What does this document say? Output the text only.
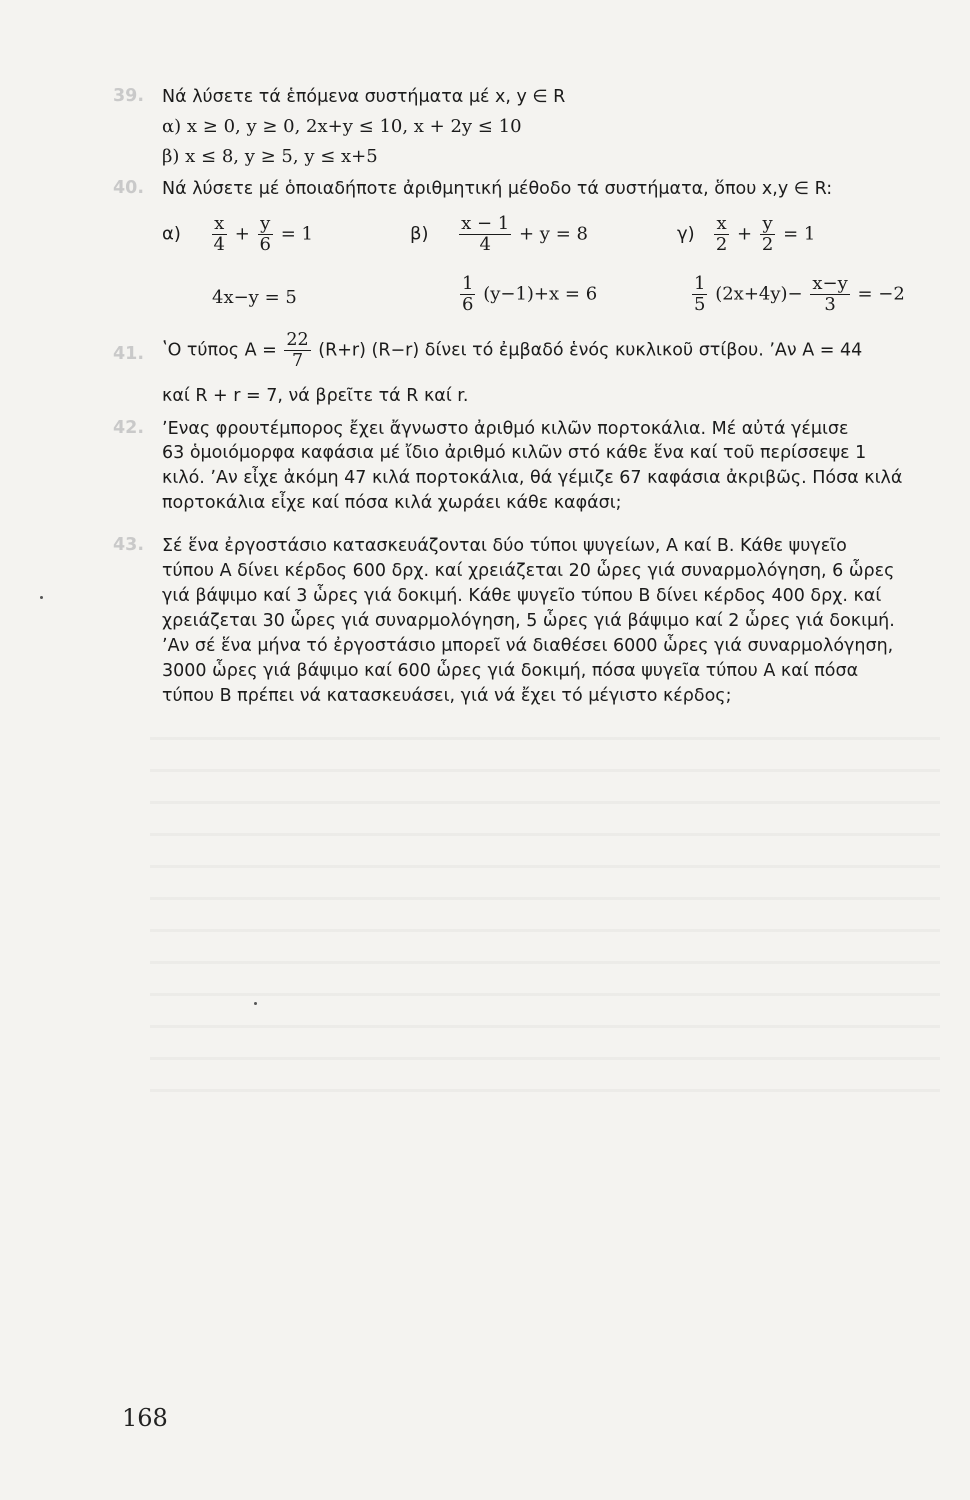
39. Νά λύσετε τά ἑπόμενα συστήματα μέ x, y ∈ R
α) x ≥ 0, y ≥ 0, 2x+y ≤ 10, x + 2y ≤ 10
β) x ≤ 8, y ≥ 5, y ≤ x+5
40. Νά λύσετε μέ ὁποιαδήποτε ἀριθμητική μέθοδο τά συστήματα, ὅπου x,y ∈ R:
$\alpha) \frac{x}{4} + \frac{y}{6} = 1$
4x−y = 5
$\beta) \frac{x - 1}{4} + y = 8$
$\frac{1}{6} (y-1)+x = 6$
$\gamma) \frac{x}{2} + \frac{y}{2} = 1$
$\frac{1}{5} (2x+4y)- \frac{x-y}{3} = -2$
41. ʽΟ τύπος $A = \frac{22}{7} (R+r)$ (R−r) δίνει τό ἐμβαδό ἑνός κυκλικοῦ στίβου. ʼΑν A = 44
καί R + r = 7, νά βρεῖτε τά R καί r.
42. ʼΕνας φρουτέμπορος ἔχει ἄγνωστο ἀριθμό κιλῶν πορτοκάλια. Μέ αὐτά γέμισε
63 ὁμοιόμορφα καφάσια μέ ἴδιο ἀριθμό κιλῶν στό κάθε ἕνα καί τοῦ περίσσεψε 1
κιλό. ʼΑν εἶχε ἀκόμη 47 κιλά πορτοκάλια, θά γέμιζε 67 καφάσια ἀκριβῶς. Πόσα κιλά
πορτοκάλια εἶχε καί πόσα κιλά χωράει κάθε καφάσι;
43. Σέ ἕνα ἐργοστάσιο κατασκευάζονται δύο τύποι ψυγείων, A καί B. Κάθε ψυγεῖο
τύπου A δίνει κέρδος 600 δρχ. καί χρειάζεται 20 ὧρες γιά συναρμολόγηση, 6 ὧρες
γιά βάψιμο καί 3 ὧρες γιά δοκιμή. Κάθε ψυγεῖο τύπου B δίνει κέρδος 400 δρχ. καί
χρειάζεται 30 ὧρες γιά συναρμολόγηση, 5 ὧρες γιά βάψιμο καί 2 ὧρες γιά δοκιμή.
ʼΑν σέ ἕνα μήνα τό ἐργοστάσιο μπορεῖ νά διαθέσει 6000 ὧρες γιά συναρμολόγηση,
3000 ὧρες γιά βάψιμο καί 600 ὧρες γιά δοκιμή, πόσα ψυγεῖα τύπου A καί πόσα
τύπου B πρέπει νά κατασκευάσει, γιά νά ἔχει τό μέγιστο κέρδος;
168
